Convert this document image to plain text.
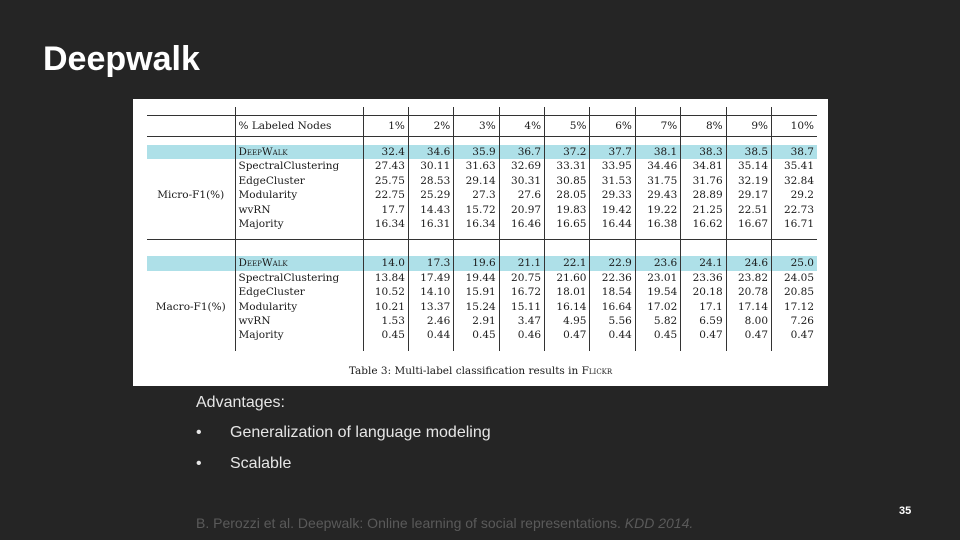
Deepwalk

	% Labeled Nodes	1%	2%	3%	4%	5%	6%	7%	8%	9%	10%

	DeepWalk	32.4	34.6	35.9	36.7	37.2	37.7	38.1	38.3	38.5	38.7
	SpectralClustering	27.43	30.11	31.63	32.69	33.31	33.95	34.46	34.81	35.14	35.41
	EdgeCluster	25.75	28.53	29.14	30.31	30.85	31.53	31.75	31.76	32.19	32.84
Micro-F1(%)	Modularity	22.75	25.29	27.3	27.6	28.05	29.33	29.43	28.89	29.17	29.2
	wvRN	17.7	14.43	15.72	20.97	19.83	19.42	19.22	21.25	22.51	22.73
	Majority	16.34	16.31	16.34	16.46	16.65	16.44	16.38	16.62	16.67	16.71

	DeepWalk	14.0	17.3	19.6	21.1	22.1	22.9	23.6	24.1	24.6	25.0
	SpectralClustering	13.84	17.49	19.44	20.75	21.60	22.36	23.01	23.36	23.82	24.05
	EdgeCluster	10.52	14.10	15.91	16.72	18.01	18.54	19.54	20.18	20.78	20.85
Macro-F1(%)	Modularity	10.21	13.37	15.24	15.11	16.14	16.64	17.02	17.1	17.14	17.12
	wvRN	1.53	2.46	2.91	3.47	4.95	5.56	5.82	6.59	8.00	7.26
	Majority	0.45	0.44	0.45	0.46	0.47	0.44	0.45	0.47	0.47	0.47

Table 3: Multi-label classification results in Flickr

Advantages:

• Generalization of language modeling
• Scalable
B. Perozzi et al. Deepwalk: Online learning of social representations. KDD 2014.
35
